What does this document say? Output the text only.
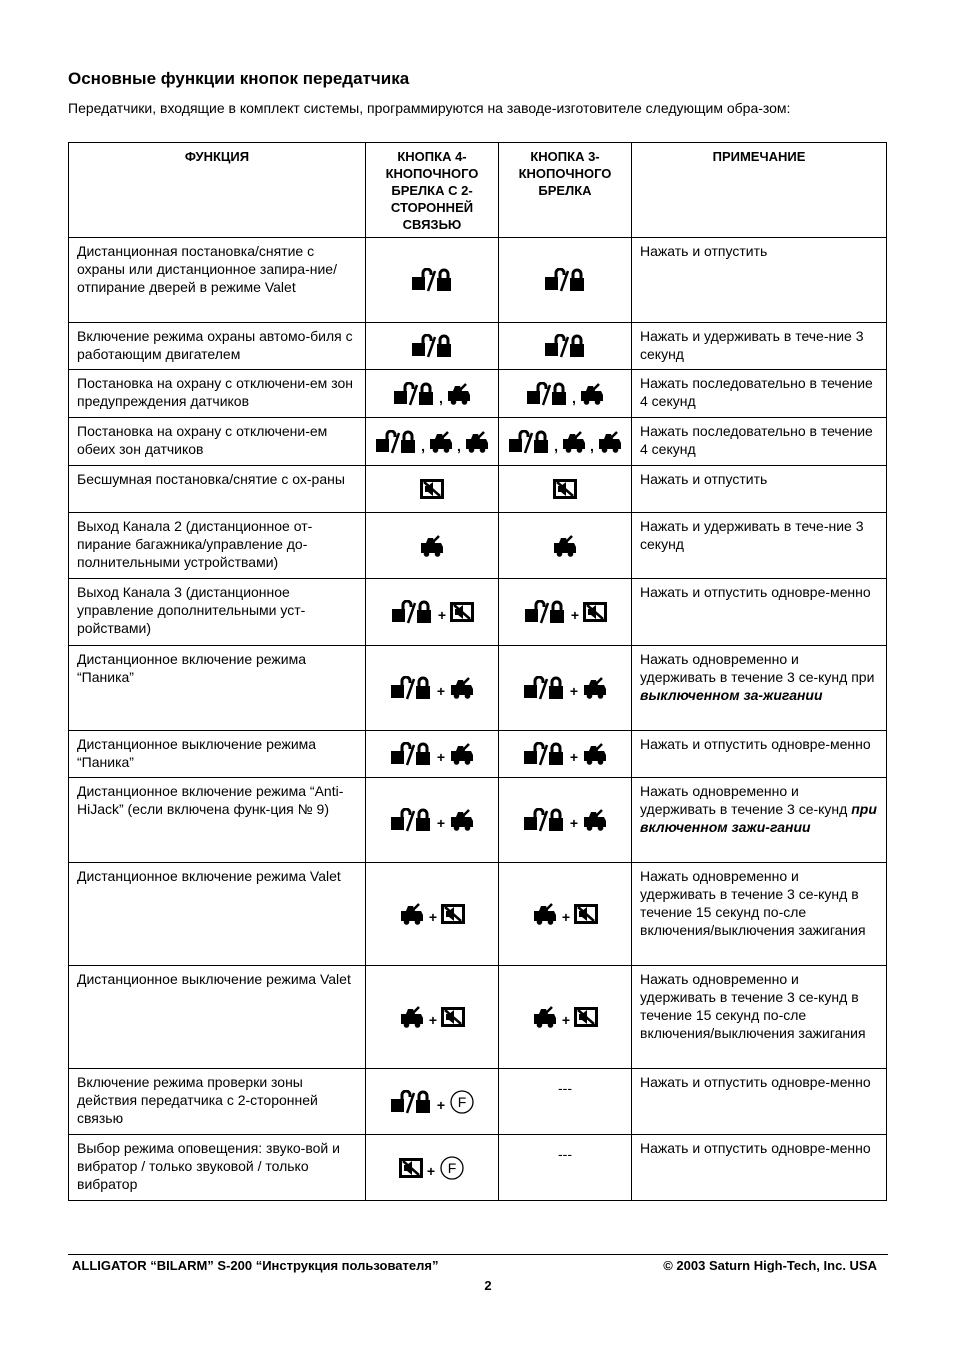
Основные функции кнопок передатчика

Передатчики, входящие в комплект системы, программируются на заводе-изготовителе следующим обра-зом:

ФУНКЦИЯ	КНОПКА 4-КНОПОЧНОГО БРЕЛКА С 2-СТОРОННЕЙ СВЯЗЬЮ	КНОПКА 3-КНОПОЧНОГО БРЕЛКА	ПРИМЕЧАНИЕ
Дистанционная постановка/снятие с охраны или дистанционное запира-ние/отпирание дверей в режиме Valet			Нажать и отпустить
Включение режима охраны автомо-биля с работающим двигателем			Нажать и удерживать в тече-ние 3 секунд
Постановка на охрану с отключени-ем зон предупреждения датчиков	,	,	Нажать последовательно в течение 4 секунд
Постановка на охрану с отключени-ем обеих зон датчиков	, ,	, ,	Нажать последовательно в течение 4 секунд
Бесшумная постановка/снятие с ох-раны			Нажать и отпустить
Выход Канала 2 (дистанционное от-пирание багажника/управление до-полнительными устройствами)			Нажать и удерживать в тече-ние 3 секунд
Выход Канала 3 (дистанционное управление дополнительными уст-ройствами)	+	+	Нажать и отпустить одновре-менно
Дистанционное включение режима “Паника”	+	+	Нажать одновременно и удерживать в течение 3 се-кунд при выключенном за-жигании
Дистанционное выключение режима “Паника”	+	+	Нажать и отпустить одновре-менно
Дистанционное включение режима “Anti-HiJack” (если включена функ-ция № 9)	+	+	Нажать одновременно и удерживать в течение 3 се-кунд при включенном зажи-гании
Дистанционное включение режима Valet	+	+	Нажать одновременно и удерживать в течение 3 се-кунд в течение 15 секунд по-сле включения/выключения зажигания
Дистанционное выключение режима Valet	+	+	Нажать одновременно и удерживать в течение 3 се-кунд в течение 15 секунд по-сле включения/выключения зажигания
Включение режима проверки зоны действия передатчика с 2-сторонней связью	+ F	---	Нажать и отпустить одновре-менно
Выбор режима оповещения: звуко-вой и вибратор / только звуковой / только вибратор	+ F	---	Нажать и отпустить одновре-менно
ALLIGATOR “BILARM” S-200 “Инструкция пользователя”	© 2003 Saturn High-Tech, Inc. USA
2
